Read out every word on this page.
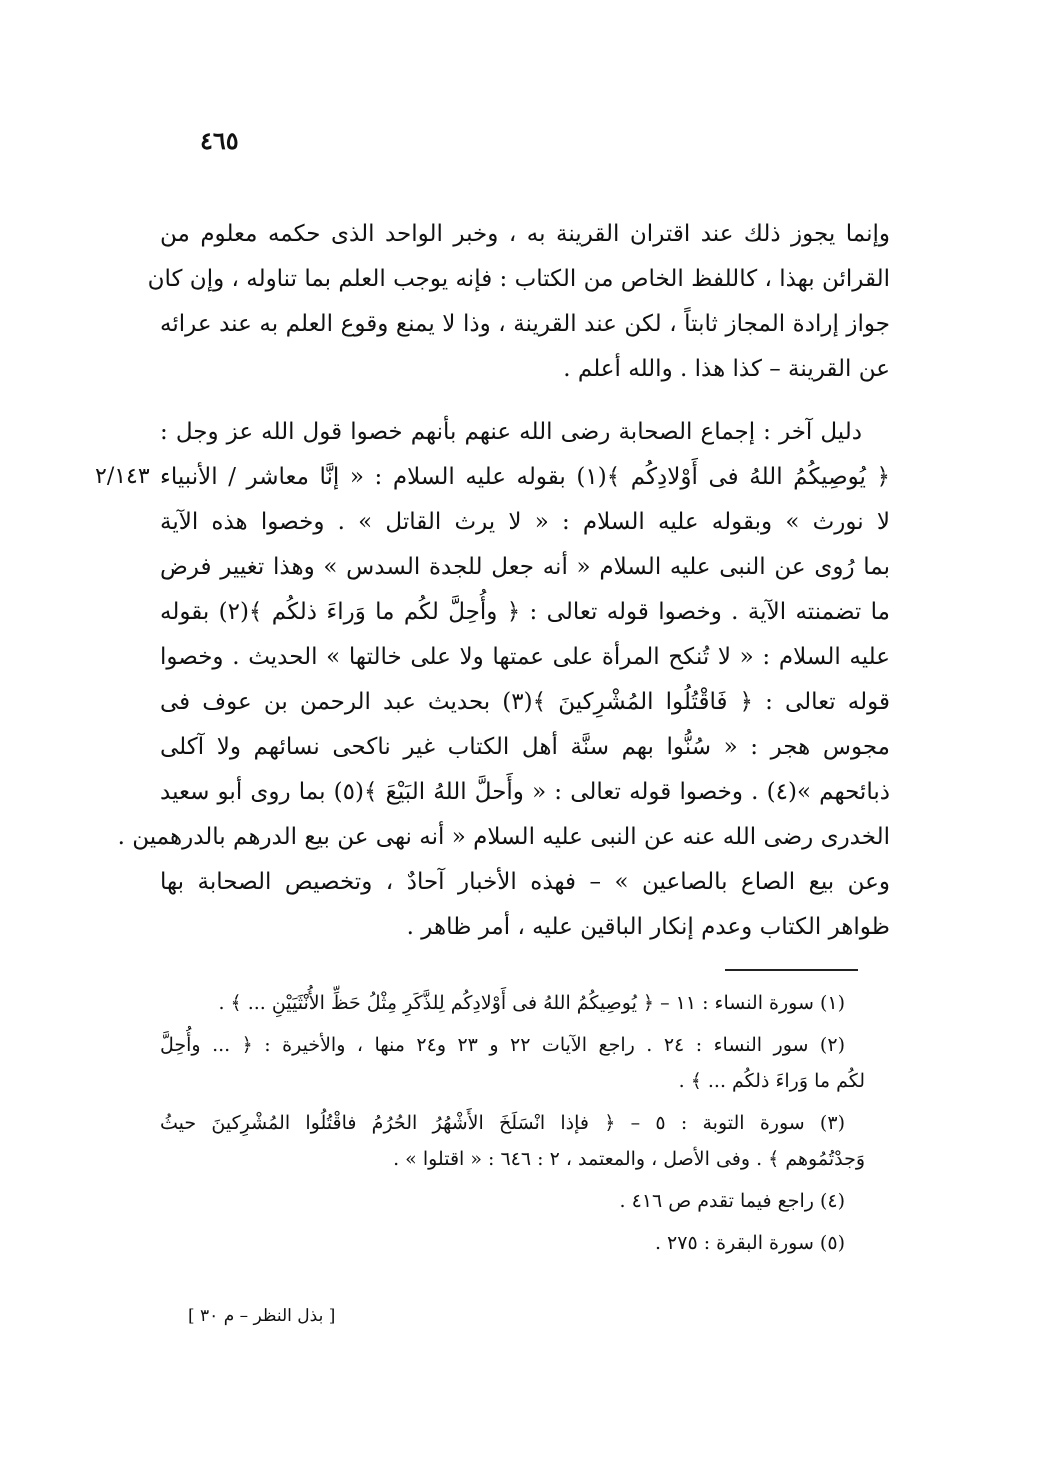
٤٦٥
وإنما يجوز ذلك عند اقتران القرينة به ، وخبر الواحد الذى حكمه معلوم من
القرائن بهذا ، كاللفظ الخاص من الكتاب : فإنه يوجب العلم بما تناوله ، وإن كان
جواز إرادة المجاز ثابتاً ، لكن عند القرينة ، وذا لا يمنع وقوع العلم به عند عرائه
عن القرينة – كذا هذا . والله أعلم .
٢/١٤٣
دليل آخر : إجماع الصحابة رضى الله عنهم بأنهم خصوا قول الله عز وجل :
﴿ يُوصِيكُمُ اللهُ فى أَوْلادِكُم ﴾(١) بقوله عليه السلام : « إنَّا معاشر / الأنبياء
لا نورث » وبقوله عليه السلام : « لا يرث القاتل » . وخصوا هذه الآية
بما رُوى عن النبى عليه السلام « أنه جعل للجدة السدس » وهذا تغيير فرض
ما تضمنته الآية . وخصوا قوله تعالى : ﴿ وأُحِلَّ لكُم ما وَراءَ ذلكُم ﴾(٢) بقوله
عليه السلام : « لا تُنكح المرأة على عمتها ولا على خالتها » الحديث . وخصوا
قوله تعالى : ﴿ فَاقْتُلُوا المُشْرِكينَ ﴾(٣) بحديث عبد الرحمن بن عوف فى
مجوس هجر : « سُنُّوا بهم سنَّة أهل الكتاب غير ناكحى نسائهم ولا آكلى
ذبائحهم »(٤) . وخصوا قوله تعالى : « وأَحلَّ اللهُ البَيْعَ ﴾(٥) بما روى أبو سعيد
الخدرى رضى الله عنه عن النبى عليه السلام « أنه نهى عن بيع الدرهم بالدرهمين .
وعن بيع الصاع بالصاعين » – فهذه الأخبار آحادٌ ، وتخصيص الصحابة بها
ظواهر الكتاب وعدم إنكار الباقين عليه ، أمر ظاهر .
(١) سورة النساء : ١١ – ﴿ يُوصِيكُمُ اللهُ فى أَوْلادِكُم لِلذَّكَرِ مِثْلُ حَظِّ الأُنْثَيَيْنِ ... ﴾ .
(٢) سور النساء : ٢٤ . راجع الآيات ٢٢ و ٢٣ و٢٤ منها ، والأخيرة : ﴿ ... وأُحِلَّ
لكُم ما وَراءَ ذلكُم ... ﴾ .
(٣) سورة التوبة : ٥ – ﴿ فإذا انْسَلَخَ الأَشْهُرُ الحُرُمُ فاقْتُلُوا المُشْرِكينَ حيثُ
وَجدْتُمُوهم ﴾ . وفى الأصل ، والمعتمد ، ٢ : ٦٤٦ : « اقتلوا » .
(٤) راجع فيما تقدم ص ٤١٦ .
(٥) سورة البقرة : ٢٧٥ .
[ بذل النظر – م ٣٠ ]
